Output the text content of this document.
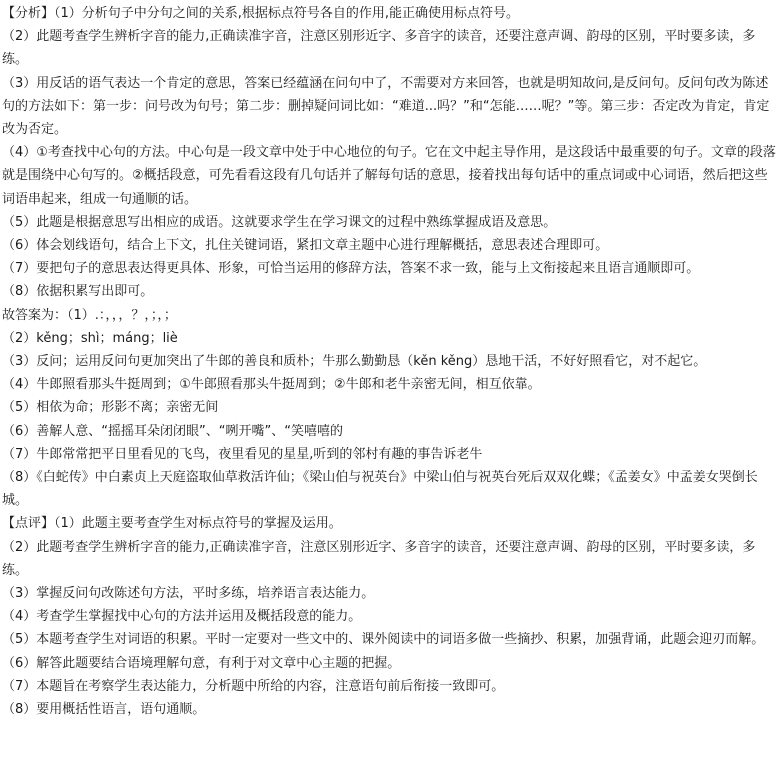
【分析】（1）分析句子中分句之间的关系,根据标点符号各自的作用,能正确使用标点符号。

（2）此题考查学生辨析字音的能力,正确读准字音，注意区别形近字、多音字的读音，还要注意声调、韵母的区别，平时要多读，多练。

（3）用反话的语气表达一个肯定的意思，答案已经蕴涵在问句中了，不需要对方来回答，也就是明知故问,是反问句。反问句改为陈述句的方法如下：第一步：问号改为句号；第二步：删掉疑问词比如：“难道...吗？”和“怎能……呢？”等。第三步：否定改为肯定，肯定改为否定。

（4）①考查找中心句的方法。中心句是一段文章中处于中心地位的句子。它在文中起主导作用，是这段话中最重要的句子。文章的段落就是围绕中心句写的。②概括段意，可先看看这段有几句话并了解每句话的意思，接着找出每句话中的重点词或中心词语，然后把这些词语串起来，组成一句通顺的话。

（5）此题是根据意思写出相应的成语。这就要求学生在学习课文的过程中熟练掌握成语及意思。

（6）体会划线语句，结合上下文，扎住关键词语，紧扣文章主题中心进行理解概括，意思表述合理即可。

（7）要把句子的意思表达得更具体、形象，可恰当运用的修辞方法，答案不求一致，能与上文衔接起来且语言通顺即可。

（8）依据积累写出即可。

故答案为：（1）.：，，，？，；，；

（2）kěng；shì；máng；liè

（3）反问；运用反问句更加突出了牛郎的善良和质朴；牛那么勤勤恳（kěn kěng）恳地干活，不好好照看它，对不起它。

（4）牛郎照看那头牛挺周到；①牛郎照看那头牛挺周到；②牛郎和老牛亲密无间，相互依靠。

（5）相依为命；形影不离；亲密无间

（6）善解人意、“摇摇耳朵闭闭眼”、“咧开嘴”、“笑嘻嘻的

（7）牛郎常常把平日里看见的飞鸟，夜里看见的星星,听到的邻村有趣的事告诉老牛

（8）《白蛇传》中白素贞上天庭盗取仙草救活许仙；《梁山伯与祝英台》中梁山伯与祝英台死后双双化蝶；《孟姜女》中孟姜女哭倒长城。

【点评】（1）此题主要考查学生对标点符号的掌握及运用。

（2）此题考查学生辨析字音的能力,正确读准字音，注意区别形近字、多音字的读音，还要注意声调、韵母的区别，平时要多读，多练。

（3）掌握反问句改陈述句方法，平时多练，培养语言表达能力。

（4）考查学生掌握找中心句的方法并运用及概括段意的能力。

（5）本题考查学生对词语的积累。平时一定要对一些文中的、课外阅读中的词语多做一些摘抄、积累，加强背诵，此题会迎刃而解。

（6）解答此题要结合语境理解句意，有利于对文章中心主题的把握。

（7）本题旨在考察学生表达能力，分析题中所给的内容，注意语句前后衔接一致即可。

（8）要用概括性语言，语句通顺。
